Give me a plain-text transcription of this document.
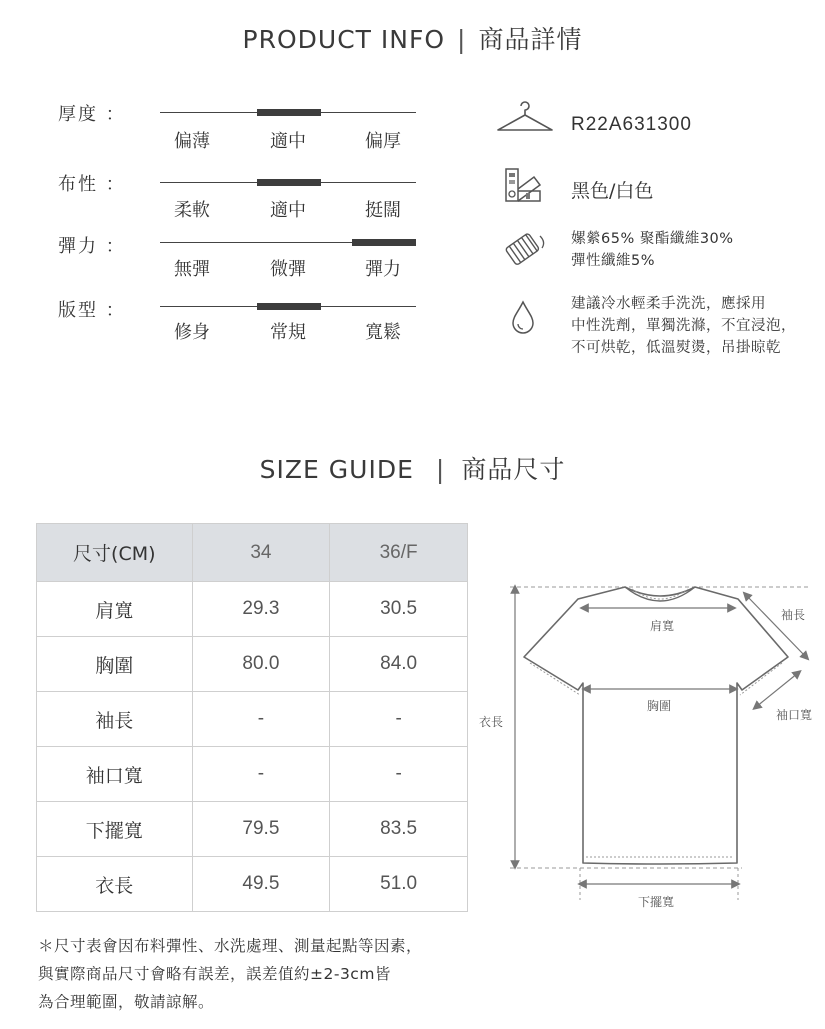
PRODUCT INFO | 商品詳情
厚度 ：
偏薄	適中	偏厚
布性 ：
柔軟	適中	挺闊
彈力 ：
無彈	微彈	彈力
版型 ：
修身	常規	寬鬆
R22A631300
黑色/白色
嫘縈65% 聚酯纖維30%
彈性纖維5%
建議冷水輕柔手洗洗，應採用
中性洗劑，單獨洗滌，不宜浸泡，
不可烘乾，低溫熨燙，吊掛晾乾
SIZE GUIDE | 商品尺寸
尺寸(CM)	34	36/F
肩寬	29.3	30.5
胸圍	80.0	84.0
袖長	-	-
袖口寬	-	-
下擺寬	79.5	83.5
衣長	49.5	51.0
肩寬
胸圍
袖長
袖口寬
衣長
下擺寬
＊尺寸表會因布料彈性、水洗處理、測量起點等因素，
與實際商品尺寸會略有誤差，誤差值約±2-3cm皆
為合理範圍，敬請諒解。
